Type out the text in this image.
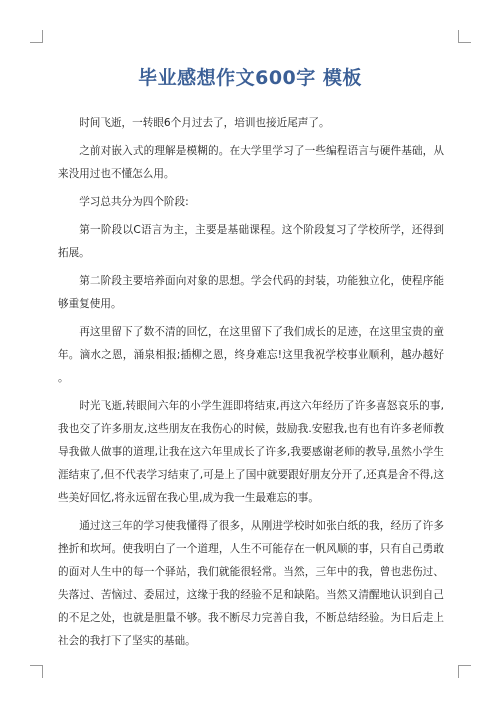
毕业感想作文600字 模板

时间飞逝，一转眼6个月过去了，培训也接近尾声了。

之前对嵌入式的理解是模糊的。在大学里学习了一些编程语言与硬件基础，从来没用过也不懂怎么用。

学习总共分为四个阶段:

第一阶段以C语言为主，主要是基础课程。这个阶段复习了学校所学，还得到拓展。

第二阶段主要培养面向对象的思想。学会代码的封装，功能独立化，使程序能够重复使用。

再这里留下了数不清的回忆，在这里留下了我们成长的足迹，在这里宝贵的童年。滴水之恩，涌泉相报;插柳之恩，终身难忘!这里我祝学校事业顺利，越办越好 。

时光飞逝,转眼间六年的小学生涯即将结束,再这六年经历了许多喜怒哀乐的事,我也交了许多朋友,这些朋友在我伤心的时候，鼓励我.安慰我,也有也有许多老师教导我做人做事的道理,让我在这六年里成长了许多,我要感谢老师的教导,虽然小学生涯结束了,但不代表学习结束了,可是上了国中就要跟好朋友分开了,还真是舍不得,这些美好回忆,将永远留在我心里,成为我一生最难忘的事。

通过这三年的学习使我懂得了很多，从刚进学校时如张白纸的我，经历了许多挫折和坎坷。使我明白了一个道理，人生不可能存在一帆风顺的事，只有自己勇敢的面对人生中的每一个驿站，我们就能很轻常。当然，三年中的我，曾也悲伤过、失落过、苦恼过、委屈过，这缘于我的经验不足和缺陷。当然又清醒地认识到自己的不足之处，也就是胆量不够。我不断尽力完善自我，不断总结经验。为日后走上社会的我打下了坚实的基础。
